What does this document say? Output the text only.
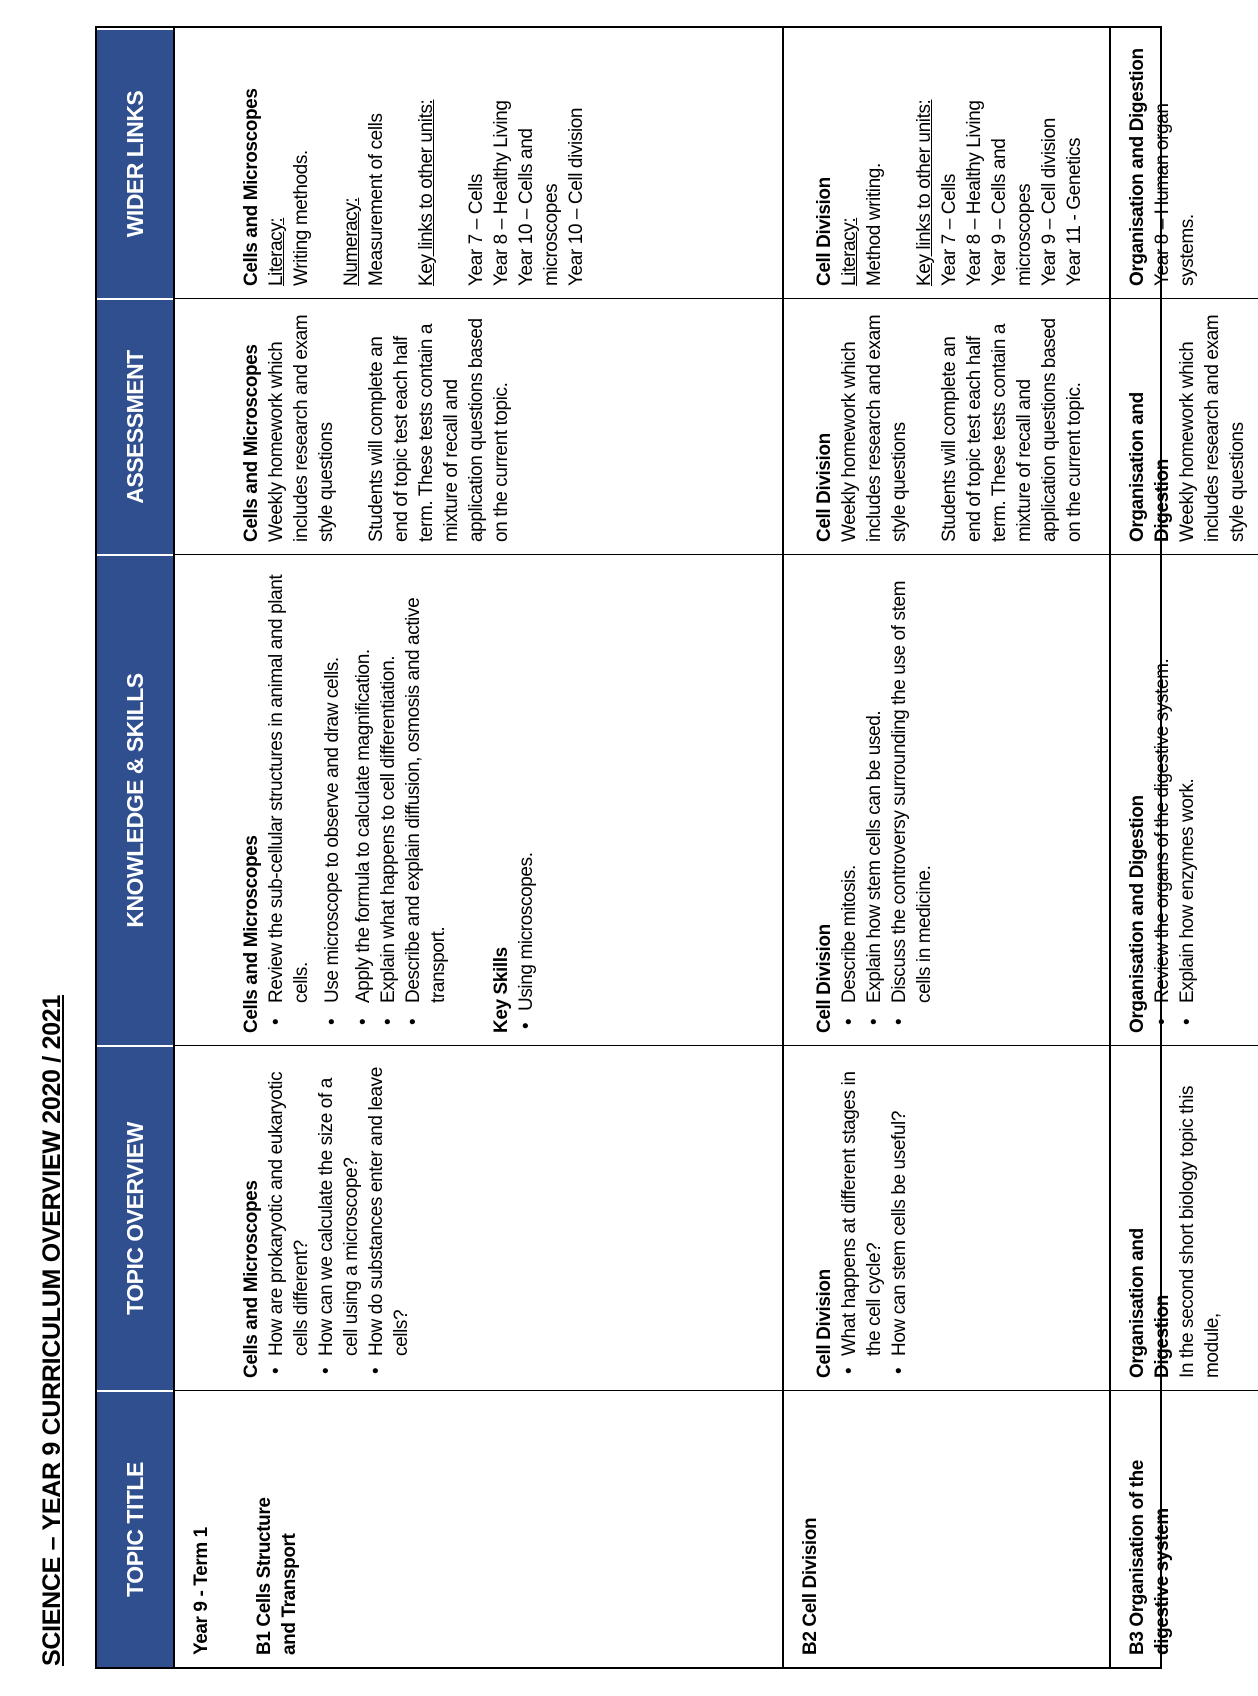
SCIENCE – YEAR 9 CURRICULUM OVERVIEW 2020 / 2021	TOPIC TITLE
TOPIC OVERVIEW
KNOWLEDGE & SKILLS
ASSESSMENT
WIDER LINKS
Year 9 - Term 1 B1 Cells Structure and Transport
Cells and Microscopes • How are prokaryotic and eukaryotic cells different? • How can we calculate the size of a cell using a microscope? • How do substances enter and leave cells?
Cells and Microscopes • Review the sub-cellular structures in animal and plant cells. • Use microscope to observe and draw cells. • Apply the formula to calculate magnification. • Explain what happens to cell differentiation. • Describe and explain diffusion, osmosis and active transport. Key Skills • Using microscopes.
Cells and Microscopes Weekly homework which includes research and exam style questions Students will complete an end of topic test each half term. These tests contain a mixture of recall and application questions based on the current topic.
Cells and Microscopes Literacy: Writing methods. Numeracy: Measurement of cells Key links to other units: Year 7 – Cells Year 8 – Healthy Living Year 10 – Cells and microscopes Year 10 – Cell division
B2 Cell Division
Cell Division • What happens at different stages in the cell cycle? • How can stem cells be useful?
Cell Division • Describe mitosis. • Explain how stem cells can be used. • Discuss the controversy surrounding the use of stem cells in medicine.
Cell Division Weekly homework which includes research and exam style questions Students will complete an end of topic test each half term. These tests contain a mixture of recall and application questions based on the current topic.
Cell Division Literacy: Method writing. Key links to other units: Year 7 – Cells Year 8 – Healthy Living Year 9 – Cells and microscopes Year 9 – Cell division Year 11 - Genetics
B3 Organisation of the digestive system
Organisation and Digestion In the second short biology topic this module,
Organisation and Digestion • Review the organs of the digestive system. • Explain how enzymes work.
Organisation and Digestion Weekly homework which includes research and exam style questions
Organisation and Digestion Year 8 – Human organ systems.
